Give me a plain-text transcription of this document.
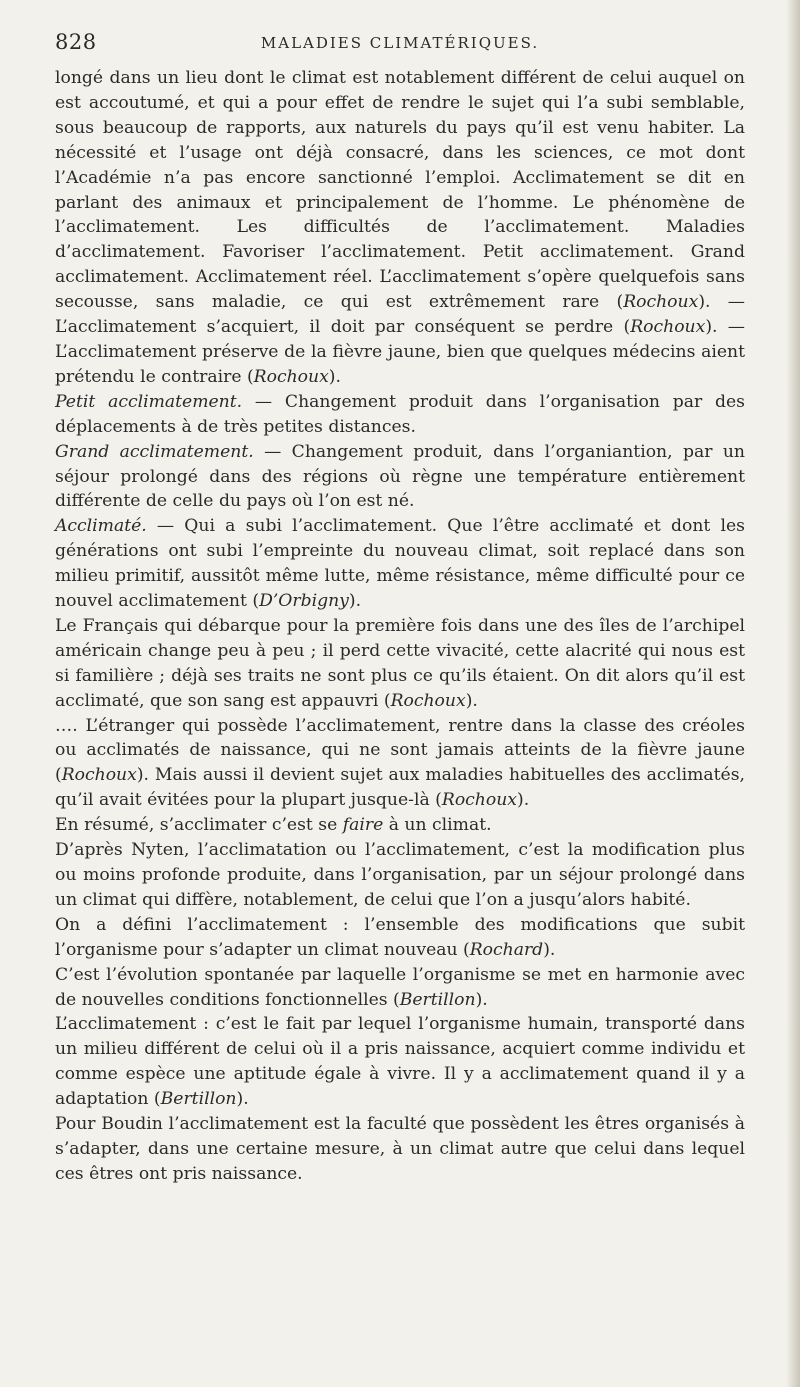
828	MALADIES CLIMATÉRIQUES.

longé dans un lieu dont le climat est notablement différent de celui auquel on est accoutumé, et qui a pour effet de rendre le sujet qui l’a subi semblable, sous beaucoup de rapports, aux naturels du pays qu’il est venu habiter. La nécessité et l’usage ont déjà consacré, dans les sciences, ce mot dont l’Académie n’a pas encore sanctionné l’emploi. Acclimatement se dit en parlant des animaux et principalement de l’homme. Le phénomène de l’acclimatement. Les difficultés de l’acclimatement. Maladies d’acclimatement. Favoriser l’acclimatement. Petit acclimatement. Grand acclimatement. Acclimatement réel. L’acclimatement s’opère quelquefois sans secousse, sans maladie, ce qui est extrêmement rare (Rochoux). — L’acclimatement s’acquiert, il doit par conséquent se perdre (Rochoux). — L’acclimatement préserve de la fièvre jaune, bien que quelques médecins aient prétendu le contraire (Rochoux).

Petit acclimatement. — Changement produit dans l’organisation par des déplacements à de très petites distances.

Grand acclimatement. — Changement produit, dans l’organiantion, par un séjour prolongé dans des régions où règne une température entièrement différente de celle du pays où l’on est né.

Acclimaté. — Qui a subi l’acclimatement. Que l’être acclimaté et dont les générations ont subi l’empreinte du nouveau climat, soit replacé dans son milieu primitif, aussitôt même lutte, même résistance, même difficulté pour ce nouvel acclimatement (D’Orbigny).

Le Français qui débarque pour la première fois dans une des îles de l’archipel américain change peu à peu ; il perd cette vivacité, cette alacrité qui nous est si familière ; déjà ses traits ne sont plus ce qu’ils étaient. On dit alors qu’il est acclimaté, que son sang est appauvri (Rochoux).

…. L’étranger qui possède l’acclimatement, rentre dans la classe des créoles ou acclimatés de naissance, qui ne sont jamais atteints de la fièvre jaune (Rochoux). Mais aussi il devient sujet aux maladies habituelles des acclimatés, qu’il avait évitées pour la plupart jusque-là (Rochoux).

En résumé, s’acclimater c’est se faire à un climat.

D’après Nyten, l’acclimatation ou l’acclimatement, c’est la modification plus ou moins profonde produite, dans l’organisation, par un séjour prolongé dans un climat qui diffère, notablement, de celui que l’on a jusqu’alors habité.

On a défini l’acclimatement : l’ensemble des modifications que subit l’organisme pour s’adapter un climat nouveau (Rochard).

C’est l’évolution spontanée par laquelle l’organisme se met en harmonie avec de nouvelles conditions fonctionnelles (Bertillon).

L’acclimatement : c’est le fait par lequel l’organisme humain, transporté dans un milieu différent de celui où il a pris naissance, acquiert comme individu et comme espèce une aptitude égale à vivre. Il y a acclimatement quand il y a adaptation (Bertillon).

Pour Boudin l’acclimatement est la faculté que possèdent les êtres organisés à s’adapter, dans une certaine mesure, à un climat autre que celui dans lequel ces êtres ont pris naissance.
